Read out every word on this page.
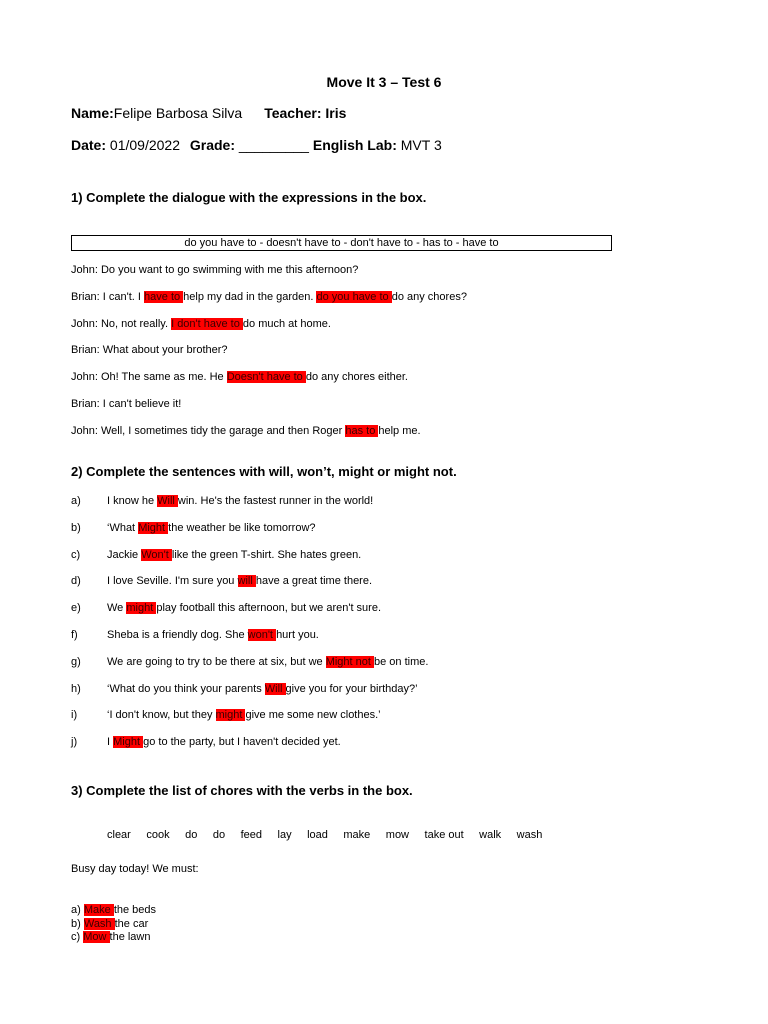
Move It 3 – Test 6
Name:Felipe Barbosa Silva Teacher: Iris
Date: 01/09/2022 Grade: _________ English Lab: MVT 3
1) Complete the dialogue with the expressions in the box.
do you have to - doesn't have to - don't have to - has to - have to
John: Do you want to go swimming with me this afternoon?
Brian: I can't. I have to help my dad in the garden. do you have to do any chores?
John: No, not really. I don't have to do much at home.
Brian: What about your brother?
John: Oh! The same as me. He Doesn't have to do any chores either.
Brian: I can't believe it!
John: Well, I sometimes tidy the garage and then Roger has to help me.
2) Complete the sentences with will, won’t, might or might not.
a) I know he Will win. He's the fastest runner in the world!
b) ‘What Might the weather be like tomorrow?
c) Jackie Won't like the green T-shirt. She hates green.
d) I love Seville. I'm sure you will have a great time there.
e) We might play football this afternoon, but we aren't sure.
f)	Sheba is a friendly dog. She won't hurt you.
g) We are going to try to be there at six, but we Might not be on time.
h) ‘What do you think your parents Will give you for your birthday?’
i)	‘I don't know, but they might give me some new clothes.’
j)	I Might go to the party, but I haven't decided yet.
3) Complete the list of chores with the verbs in the box.
clear cook do do feed lay load make mow take out walk wash
Busy day today! We must:
a) Make the beds
b) Wash the car
c) Mow the lawn
